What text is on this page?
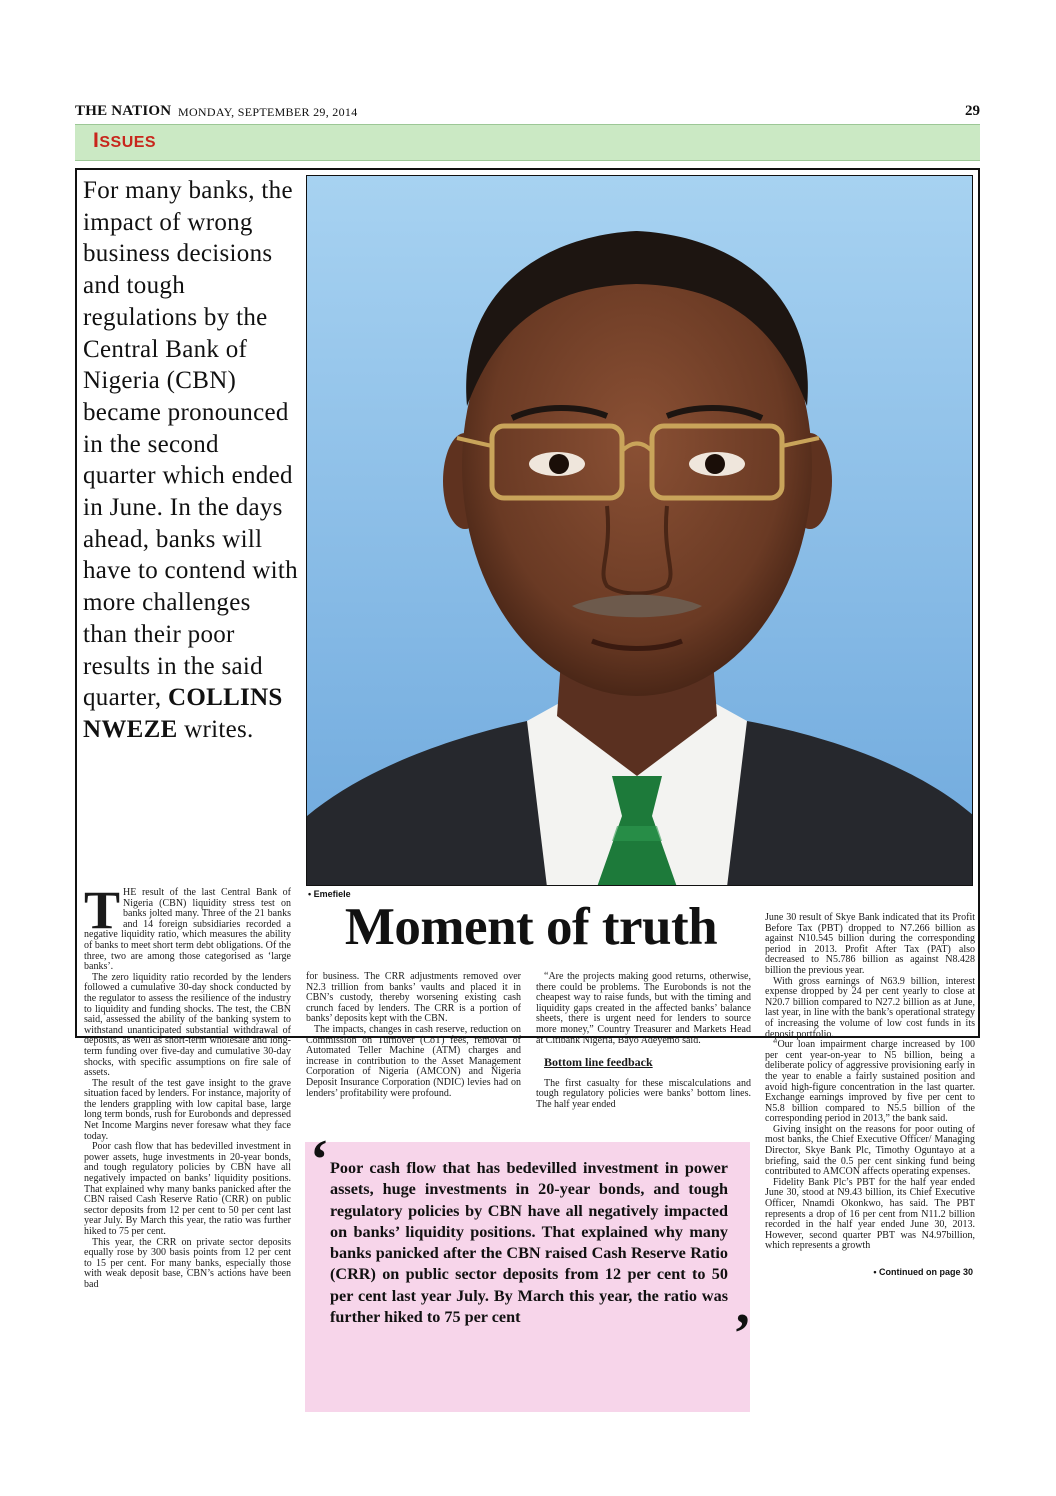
THE NATION MONDAY, SEPTEMBER 29, 2014	29
ISSUES
For many banks, the impact of wrong business decisions and tough regulations by the Central Bank of Nigeria (CBN) became pronounced in the second quarter which ended in June. In the days ahead, banks will have to contend with more challenges than their poor results in the said quarter, COLLINS NWEZE writes.
• Emefiele
Moment of truth

THE result of the last Central Bank of Nigeria (CBN) liquidity stress test on banks jolted many. Three of the 21 banks and 14 foreign subsidiaries recorded a negative liquidity ratio, which measures the ability of banks to meet short term debt obligations. Of the three, two are among those categorised as ‘large banks’.

The zero liquidity ratio recorded by the lenders followed a cumulative 30-day shock conducted by the regulator to assess the resilience of the industry to liquidity and funding shocks. The test, the CBN said, assessed the ability of the banking system to withstand unanticipated substantial withdrawal of deposits, as well as short-term wholesale and long-term funding over five-day and cumulative 30-day shocks, with specific assumptions on fire sale of assets.

The result of the test gave insight to the grave situation faced by lenders. For instance, majority of the lenders grappling with low capital base, large long term bonds, rush for Eurobonds and depressed Net Income Margins never foresaw what they face today.

Poor cash flow that has bedevilled investment in power assets, huge investments in 20-year bonds, and tough regulatory policies by CBN have all negatively impacted on banks’ liquidity positions. That explained why many banks panicked after the CBN raised Cash Reserve Ratio (CRR) on public sector deposits from 12 per cent to 50 per cent last year July. By March this year, the ratio was further hiked to 75 per cent.

This year, the CRR on private sector deposits equally rose by 300 basis points from 12 per cent to 15 per cent. For many banks, especially those with weak deposit base, CBN’s actions have been bad

for business. The CRR adjustments removed over N2.3 trillion from banks’ vaults and placed it in CBN’s custody, thereby worsening existing cash crunch faced by lenders. The CRR is a portion of banks’ deposits kept with the CBN.

The impacts, changes in cash reserve, reduction on Commission on Turnover (CoT) fees, removal of Automated Teller Machine (ATM) charges and increase in contribution to the Asset Management Corporation of Nigeria (AMCON) and Nigeria Deposit Insurance Corporation (NDIC) levies had on lenders’ profitability were profound.

“Are the projects making good returns, otherwise, there could be problems. The Eurobonds is not the cheapest way to raise funds, but with the timing and liquidity gaps created in the affected banks’ balance sheets, there is urgent need for lenders to source more money,” Country Treasurer and Markets Head at Citibank Nigeria, Bayo Adeyemo said.

Bottom line feedback

The first casualty for these miscalculations and tough regulatory policies were banks’ bottom lines. The half year ended

June 30 result of Skye Bank indicated that its Profit Before Tax (PBT) dropped to N7.266 billion as against N10.545 billion during the corresponding period in 2013. Profit After Tax (PAT) also decreased to N5.786 billion as against N8.428 billion the previous year.

With gross earnings of N63.9 billion, interest expense dropped by 24 per cent yearly to close at N20.7 billion compared to N27.2 billion as at June, last year, in line with the bank’s operational strategy of increasing the volume of low cost funds in its deposit portfolio.

“Our loan impairment charge increased by 100 per cent year-on-year to N5 billion, being a deliberate policy of aggressive provisioning early in the year to enable a fairly sustained position and avoid high-figure concentration in the last quarter. Exchange earnings improved by five per cent to N5.8 billion compared to N5.5 billion of the corresponding period in 2013,” the bank said.

Giving insight on the reasons for poor outing of most banks, the Chief Executive Officer/ Managing Director, Skye Bank Plc, Timothy Oguntayo at a briefing, said the 0.5 per cent sinking fund being contributed to AMCON affects operating expenses.

Fidelity Bank Plc’s PBT for the half year ended June 30, stood at N9.43 billion, its Chief Executive Officer, Nnamdi Okonkwo, has said. The PBT represents a drop of 16 per cent from N11.2 billion recorded in the half year ended June 30, 2013. However, second quarter PBT was N4.97billion, which represents a growth

• Continued on page 30
‘ Poor cash flow that has bedevilled investment in power assets, huge investments in 20-year bonds, and tough regulatory policies by CBN have all negatively impacted on banks’ liquidity positions. That explained why many banks panicked after the CBN raised Cash Reserve Ratio (CRR) on public sector deposits from 12 per cent to 50 per cent last year July. By March this year, the ratio was further hiked to 75 per cent	’
